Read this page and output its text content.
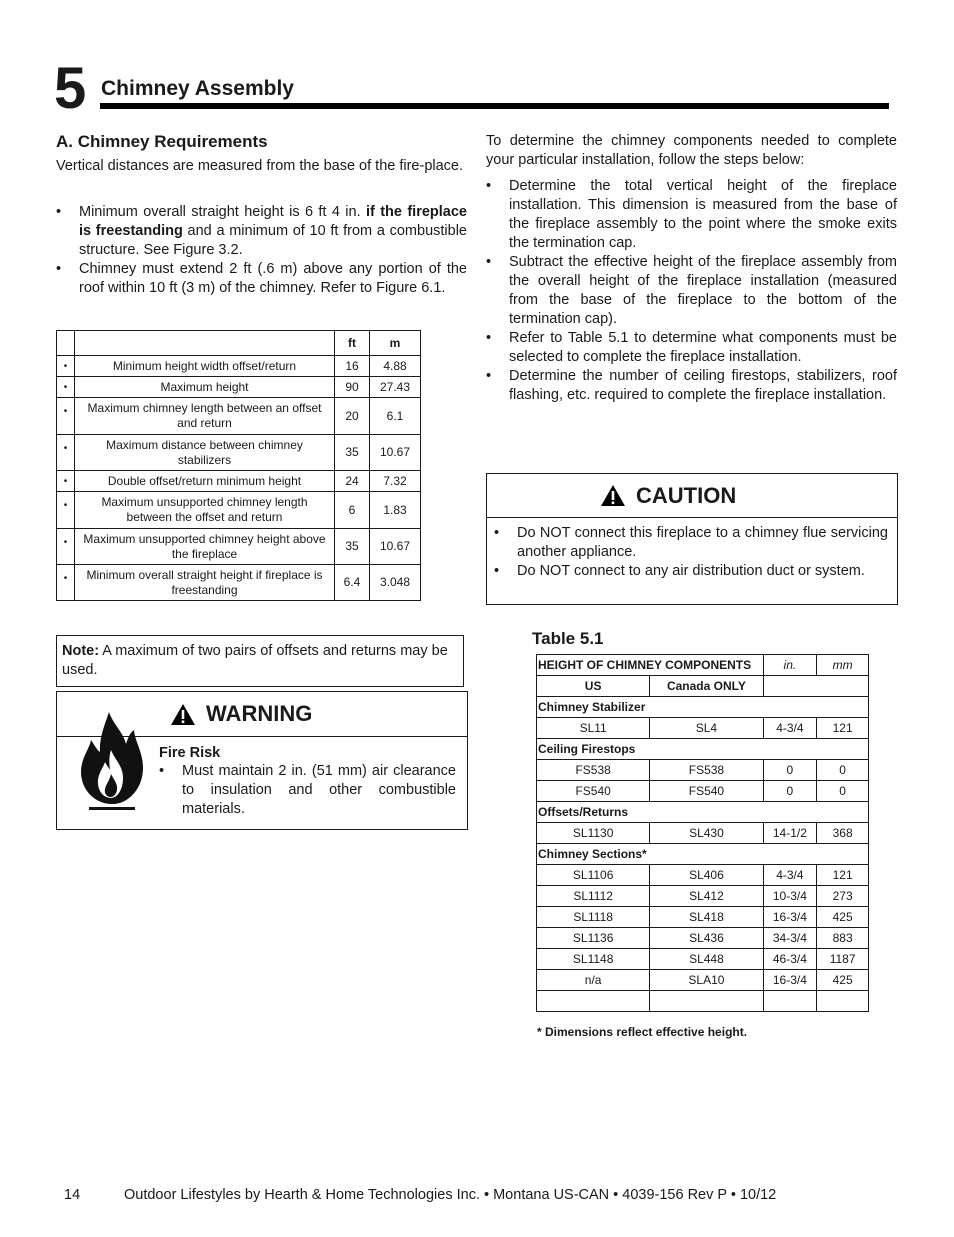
5 Chimney Assembly
A. Chimney Requirements
Vertical distances are measured from the base of the fire-place.
• Minimum overall straight height is 6 ft 4 in. if the fireplace is freestanding and a minimum of 10 ft from a combustible structure. See Figure 3.2.
• Chimney must extend 2 ft (.6 m) above any portion of the roof within 10 ft (3 m) of the chimney. Refer to Figure 6.1.
		ft	m
•	Minimum height width offset/return	16	4.88
•	Maximum height	90	27.43
•	Maximum chimney length between an offset and return	20	6.1
•	Maximum distance between chimney stabilizers	35	10.67
•	Double offset/return minimum height	24	7.32
•	Maximum unsupported chimney length between the offset and return	6	1.83
•	Maximum unsupported chimney height above the fireplace	35	10.67
•	Minimum overall straight height if fireplace is freestanding	6.4	3.048
Note: A maximum of two pairs of offsets and returns may be used.
WARNING
Fire Risk
• Must maintain 2 in. (51 mm) air clearance to insulation and other combustible materials.
To determine the chimney components needed to complete your particular installation, follow the steps below:
• Determine the total vertical height of the fireplace installation. This dimension is measured from the base of the fireplace assembly to the point where the smoke exits the termination cap.
• Subtract the effective height of the fireplace assembly from the overall height of the fireplace installation (measured from the base of the fireplace to the bottom of the termination cap).
• Refer to Table 5.1 to determine what components must be selected to complete the fireplace installation.
• Determine the number of ceiling firestops, stabilizers, roof flashing, etc. required to complete the fireplace installation.
CAUTION
• Do NOT connect this fireplace to a chimney flue servicing another appliance.
• Do NOT connect to any air distribution duct or system.
Table 5.1
HEIGHT OF CHIMNEY COMPONENTS		in.	mm
US	Canada ONLY		
Chimney Stabilizer			
SL11	SL4	4-3/4	121
Ceiling Firestops			
FS538	FS538	0	0
FS540	FS540	0	0
Offsets/Returns			
SL1130	SL430	14-1/2	368
Chimney Sections*			
SL1106	SL406	4-3/4	121
SL1112	SL412	10-3/4	273
SL1118	SL418	16-3/4	425
SL1136	SL436	34-3/4	883
SL1148	SL448	46-3/4	1187
n/a	SLA10	16-3/4	425

* Dimensions reflect effective height.
14	Outdoor Lifestyles by Hearth & Home Technologies Inc. • Montana US-CAN • 4039-156 Rev P • 10/12
